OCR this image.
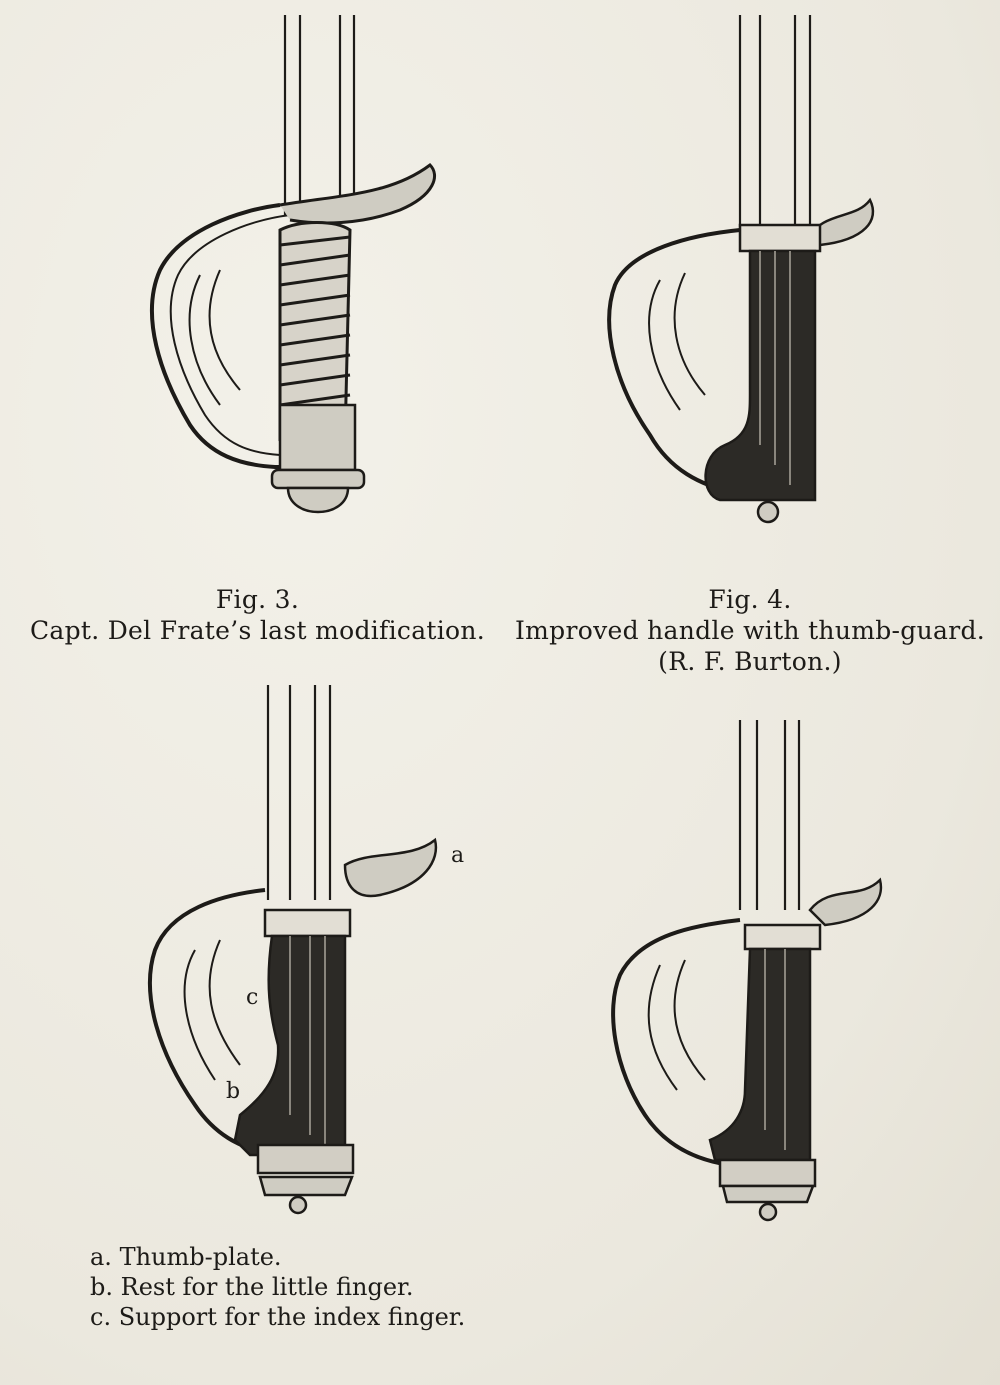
Fig. 3.
Capt. Del Frate’s last modification.
Fig. 4.
Improved handle with thumb-guard.
(R. F. Burton.)
a
c
b
a. Thumb-plate.
b. Rest for the little finger.
c. Support for the index finger.
